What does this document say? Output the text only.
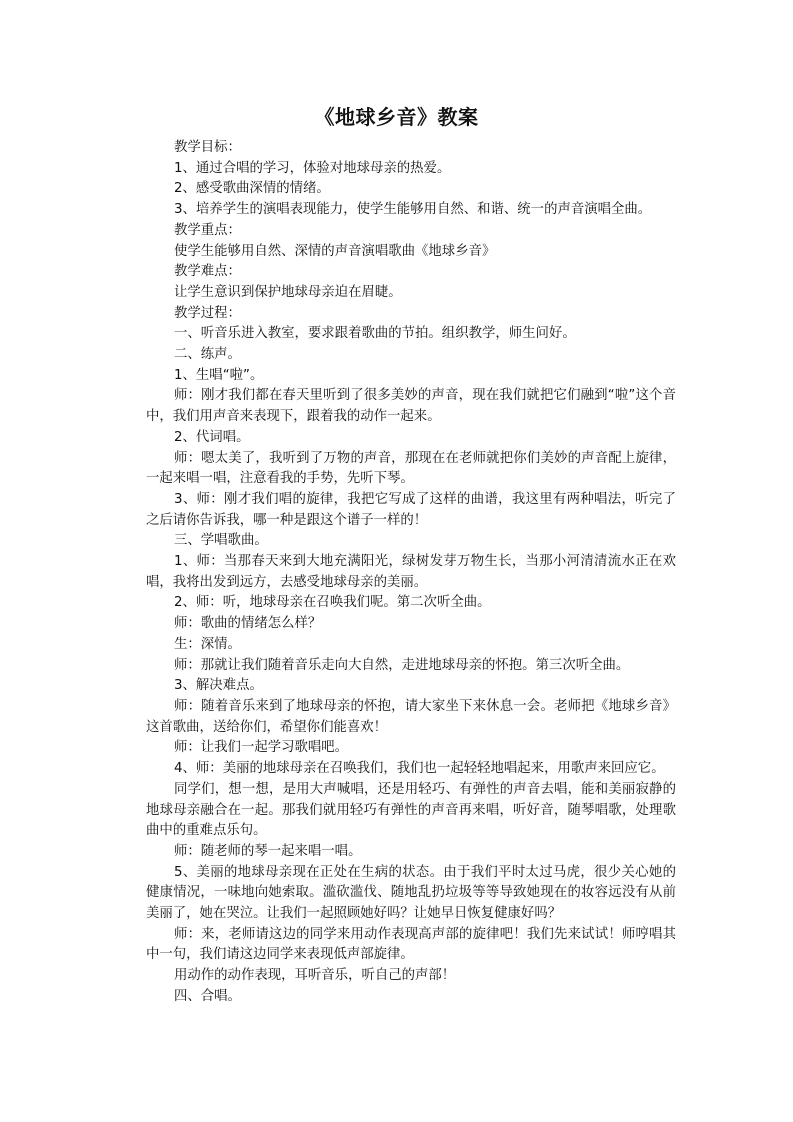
《地球乡音》教案

教学目标：

1、通过合唱的学习，体验对地球母亲的热爱。

2、感受歌曲深情的情绪。

3、培养学生的演唱表现能力，使学生能够用自然、和谐、统一的声音演唱全曲。

教学重点：

使学生能够用自然、深情的声音演唱歌曲《地球乡音》

教学难点：

让学生意识到保护地球母亲迫在眉睫。

教学过程：

一、听音乐进入教室，要求跟着歌曲的节拍。组织教学，师生问好。

二、练声。

1、生唱“啦”。

师：刚才我们都在春天里听到了很多美妙的声音，现在我们就把它们融到“啦”这个音中，我们用声音来表现下，跟着我的动作一起来。

2、代词唱。

师：嗯太美了，我听到了万物的声音，那现在在老师就把你们美妙的声音配上旋律，一起来唱一唱，注意看我的手势，先听下琴。

3、师：刚才我们唱的旋律，我把它写成了这样的曲谱，我这里有两种唱法，听完了之后请你告诉我，哪一种是跟这个谱子一样的！

三、学唱歌曲。

1、师：当那春天来到大地充满阳光，绿树发芽万物生长，当那小河清清流水正在欢唱，我将出发到远方，去感受地球母亲的美丽。

2、师：听，地球母亲在召唤我们呢。第二次听全曲。

师：歌曲的情绪怎么样？

生：深情。

师：那就让我们随着音乐走向大自然，走进地球母亲的怀抱。第三次听全曲。

3、解决难点。

师：随着音乐来到了地球母亲的怀抱，请大家坐下来休息一会。老师把《地球乡音》这首歌曲，送给你们，希望你们能喜欢！

师：让我们一起学习歌唱吧。

4、师：美丽的地球母亲在召唤我们，我们也一起轻轻地唱起来，用歌声来回应它。

同学们，想一想，是用大声喊唱，还是用轻巧、有弹性的声音去唱，能和美丽寂静的地球母亲融合在一起。那我们就用轻巧有弹性的声音再来唱，听好音，随琴唱歌，处理歌曲中的重难点乐句。

师：随老师的琴一起来唱一唱。

5、美丽的地球母亲现在正处在生病的状态。由于我们平时太过马虎，很少关心她的健康情况，一味地向她索取。滥砍滥伐、随地乱扔垃圾等等导致她现在的妆容远没有从前美丽了，她在哭泣。让我们一起照顾她好吗？让她早日恢复健康好吗？

师：来，老师请这边的同学来用动作表现高声部的旋律吧！我们先来试试！师哼唱其中一句，我们请这边同学来表现低声部旋律。

用动作的动作表现，耳听音乐，听自己的声部！

四、合唱。
